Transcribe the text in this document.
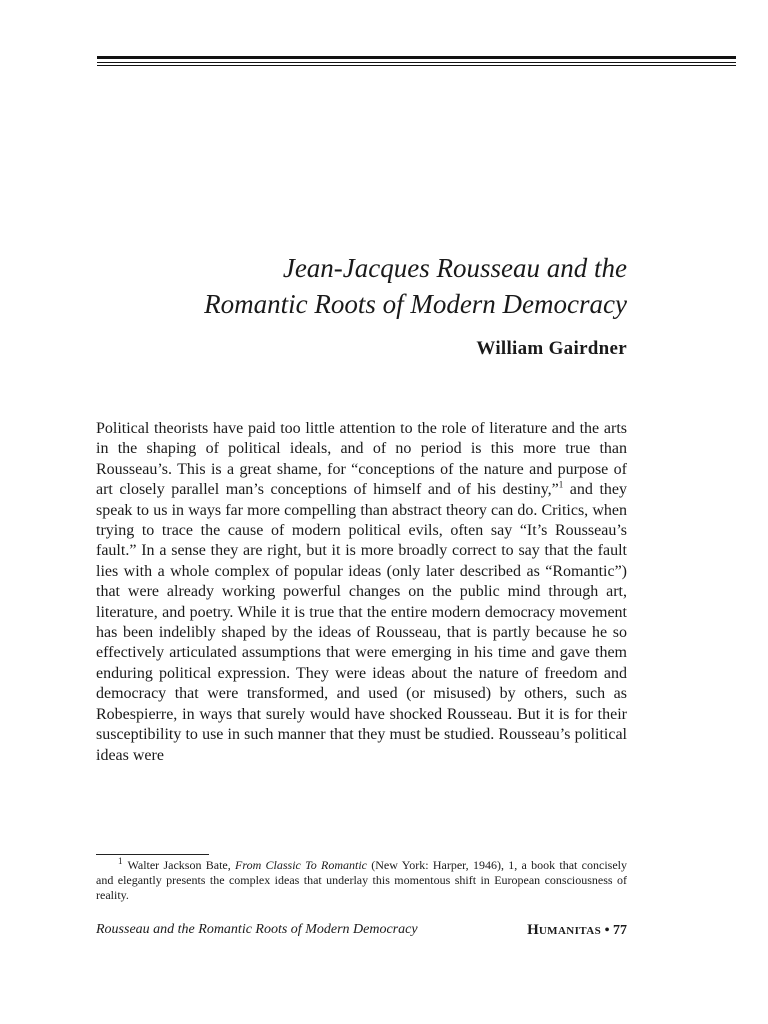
Jean-Jacques Rousseau and the
Romantic Roots of Modern Democracy
William Gairdner

Political theorists have paid too little attention to the role of literature and the arts in the shaping of political ideals, and of no period is this more true than Rousseau’s. This is a great shame, for “conceptions of the nature and purpose of art closely parallel man’s conceptions of himself and of his destiny,”$^1$ and they speak to us in ways far more compelling than abstract theory can do. Critics, when trying to trace the cause of modern political evils, often say “It’s Rousseau’s fault.” In a sense they are right, but it is more broadly correct to say that the fault lies with a whole complex of popular ideas (only later described as “Romantic”) that were already working powerful changes on the public mind through art, literature, and poetry. While it is true that the entire modern democracy movement has been indelibly shaped by the ideas of Rousseau, that is partly because he so effectively articulated assumptions that were emerging in his time and gave them enduring political expression. They were ideas about the nature of freedom and democracy that were transformed, and used (or misused) by others, such as Robespierre, in ways that surely would have shocked Rousseau. But it is for their susceptibility to use in such manner that they must be studied. Rousseau’s political ideas were

$^1$ Walter Jackson Bate, From Classic To Romantic (New York: Harper, 1946), 1, a book that concisely and elegantly presents the complex ideas that underlay this momentous shift in European consciousness of reality.

Rousseau and the Romantic Roots of Modern Democracy	HUMANITAS • 77
